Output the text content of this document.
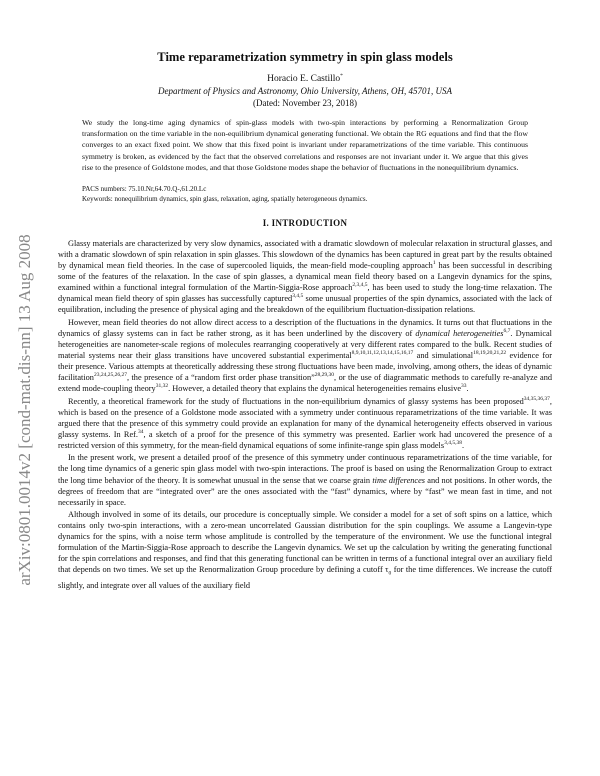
arXiv:0801.0014v2 [cond-mat.dis-nn] 13 Aug 2008
Time reparametrization symmetry in spin glass models
Horacio E. Castillo*
Department of Physics and Astronomy, Ohio University, Athens, OH, 45701, USA
(Dated: November 23, 2018)
We study the long-time aging dynamics of spin-glass models with two-spin interactions by performing a Renormalization Group transformation on the time variable in the non-equilibrium dynamical generating functional. We obtain the RG equations and find that the flow converges to an exact fixed point. We show that this fixed point is invariant under reparametrizations of the time variable. This continuous symmetry is broken, as evidenced by the fact that the observed correlations and responses are not invariant under it. We argue that this gives rise to the presence of Goldstone modes, and that those Goldstone modes shape the behavior of fluctuations in the nonequilibrium dynamics.
PACS numbers: 75.10.Nr,64.70.Q-,61.20.Lc
Keywords: nonequilibrium dynamics, spin glass, relaxation, aging, spatially heterogeneous dynamics.
I. INTRODUCTION

Glassy materials are characterized by very slow dynamics, associated with a dramatic slowdown of molecular relaxation in structural glasses, and with a dramatic slowdown of spin relaxation in spin glasses. This slowdown of the dynamics has been captured in great part by the results obtained by dynamical mean field theories. In the case of supercooled liquids, the mean-field mode-coupling approach$^1$ has been successful in describing some of the features of the relaxation. In the case of spin glasses, a dynamical mean field theory based on a Langevin dynamics for the spins, examined within a functional integral formulation of the Martin-Siggia-Rose approach$^{2,3,4,5}$, has been used to study the long-time relaxation. The dynamical mean field theory of spin glasses has successfully captured$^{3,4,5}$ some unusual properties of the spin dynamics, associated with the lack of equilibration, including the presence of physical aging and the breakdown of the equilibrium fluctuation-dissipation relations.

However, mean field theories do not allow direct access to a description of the fluctuations in the dynamics. It turns out that fluctuations in the dynamics of glassy systems can in fact be rather strong, as it has been underlined by the discovery of dynamical heterogeneities$^{6,7}$. Dynamical heterogeneities are nanometer-scale regions of molecules rearranging cooperatively at very different rates compared to the bulk. Recent studies of material systems near their glass transitions have uncovered substantial experimental$^{8,9,10,11,12,13,14,15,16,17}$ and simulational$^{18,19,20,21,22}$ evidence for their presence. Various attempts at theoretically addressing these strong fluctuations have been made, involving, among others, the ideas of dynamic facilitation$^{23,24,25,26,27}$, the presence of a “random first order phase transition”$^{28,29,30}$, or the use of diagrammatic methods to carefully re-analyze and extend mode-coupling theory$^{31,32}$. However, a detailed theory that explains the dynamical heterogeneities remains elusive$^{33}$.

Recently, a theoretical framework for the study of fluctuations in the non-equilibrium dynamics of glassy systems has been proposed$^{34,35,36,37}$, which is based on the presence of a Goldstone mode associated with a symmetry under continuous reparametrizations of the time variable. It was argued there that the presence of this symmetry could provide an explanation for many of the dynamical heterogeneity effects observed in various glassy systems. In Ref.$^{34}$, a sketch of a proof for the presence of this symmetry was presented. Earlier work had uncovered the presence of a restricted version of this symmetry, for the mean-field dynamical equations of some infinite-range spin glass models$^{3,4,5,38}$.

In the present work, we present a detailed proof of the presence of this symmetry under continuous reparametrizations of the time variable, for the long time dynamics of a generic spin glass model with two-spin interactions. The proof is based on using the Renormalization Group to extract the long time behavior of the theory. It is somewhat unusual in the sense that we coarse grain time differences and not positions. In other words, the degrees of freedom that are “integrated over” are the ones associated with the “fast” dynamics, where by “fast” we mean fast in time, and not necessarily in space.

Although involved in some of its details, our procedure is conceptually simple. We consider a model for a set of soft spins on a lattice, which contains only two-spin interactions, with a zero-mean uncorrelated Gaussian distribution for the spin couplings. We assume a Langevin-type dynamics for the spins, with a noise term whose amplitude is controlled by the temperature of the environment. We use the functional integral formulation of the Martin-Siggia-Rose approach to describe the Langevin dynamics. We set up the calculation by writing the generating functional for the spin correlations and responses, and find that this generating functional can be written in terms of a functional integral over an auxiliary field that depends on two times. We set up the Renormalization Group procedure by defining a cutoff $\tau_0$ for the time differences. We increase the cutoff slightly, and integrate over all values of the auxiliary field
